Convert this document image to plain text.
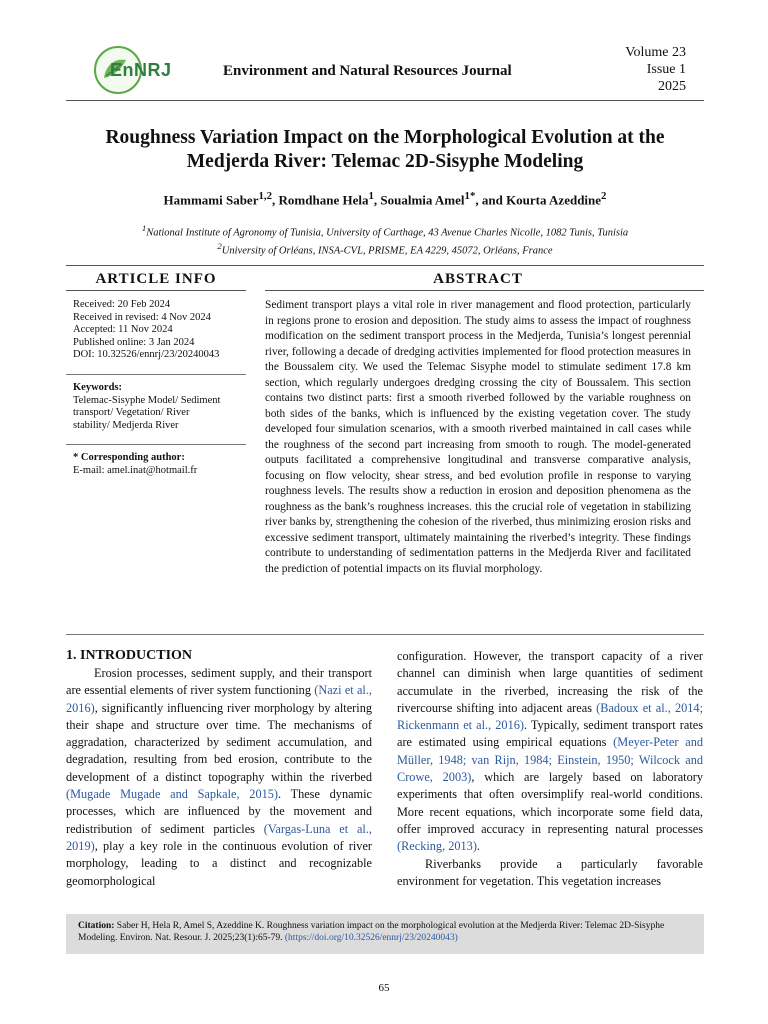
EnNRJ	Environment and Natural Resources Journal
Volume 23
Issue 1
2025
Roughness Variation Impact on the Morphological Evolution at the
Medjerda River: Telemac 2D-Sisyphe Modeling
Hammami Saber$^{1,2}$, Romdhane Hela$^1$, Soualmia Amel$^{1*}$, and Kourta Azeddine$^2$
$^1$National Institute of Agronomy of Tunisia, University of Carthage, 43 Avenue Charles Nicolle, 1082 Tunis, Tunisia
$^2$University of Orléans, INSA-CVL, PRISME, EA 4229, 45072, Orléans, France
ARTICLE INFO	ABSTRACT
Received: 20 Feb 2024
Received in revised: 4 Nov 2024
Accepted: 11 Nov 2024
Published online: 3 Jan 2024
DOI: 10.32526/ennrj/23/20240043
Keywords:
Telemac-Sisyphe Model/ Sediment
transport/ Vegetation/ River
stability/ Medjerda River
* Corresponding author:
E-mail: amel.inat@hotmail.fr
Sediment transport plays a vital role in river management and flood protection, particularly in regions prone to erosion and deposition. The study aims to assess the impact of roughness modification on the sediment transport process in the Medjerda, Tunisia’s longest perennial river, following a decade of dredging activities implemented for flood protection measures in the Boussalem city. We used the Telemac Sisyphe model to stimulate sediment 17.8 km section, which regularly undergoes dredging crossing the city of Boussalem. This section contains two distinct parts: first a smooth riverbed followed by the variable roughness on both sides of the banks, which is influenced by the existing vegetation cover. The study developed four simulation scenarios, with a smooth riverbed maintained in call cases while the roughness of the second part increasing from smooth to rough. The model-generated outputs facilitated a comprehensive longitudinal and transverse comparative analysis, focusing on flow velocity, shear stress, and bed evolution profile in response to varying roughness levels. The results show a reduction in erosion and deposition phenomena as the roughness as the bank’s roughness increases. this the crucial role of vegetation in stabilizing river banks by, strengthening the cohesion of the riverbed, thus minimizing erosion risks and excessive sediment transport, ultimately maintaining the riverbed’s integrity. These findings contribute to understanding of sedimentation patterns in the Medjerda River and facilitated the prediction of potential impacts on its fluvial morphology.
1. INTRODUCTION

Erosion processes, sediment supply, and their transport are essential elements of river system functioning (Nazi et al., 2016), significantly influencing river morphology by altering their shape and structure over time. The mechanisms of aggradation, characterized by sediment accumulation, and degradation, resulting from bed erosion, contribute to the development of a distinct topography within the riverbed (Mugade Mugade and Sapkale, 2015). These dynamic processes, which are influenced by the movement and redistribution of sediment particles (Vargas-Luna et al., 2019), play a key role in the continuous evolution of river morphology, leading to a distinct and recognizable geomorphological

configuration. However, the transport capacity of a river channel can diminish when large quantities of sediment accumulate in the riverbed, increasing the risk of the rivercourse shifting into adjacent areas (Badoux et al., 2014; Rickenmann et al., 2016). Typically, sediment transport rates are estimated using empirical equations (Meyer-Peter and Müller, 1948; van Rijn, 1984; Einstein, 1950; Wilcock and Crowe, 2003), which are largely based on laboratory experiments that often oversimplify real-world conditions. More recent equations, which incorporate some field data, offer improved accuracy in representing natural processes (Recking, 2013).

Riverbanks provide a particularly favorable environment for vegetation. This vegetation increases

Citation: Saber H, Hela R, Amel S, Azeddine K. Roughness variation impact on the morphological evolution at the Medjerda River: Telemac 2D-Sisyphe Modeling. Environ. Nat. Resour. J. 2025;23(1):65-79. (https://doi.org/10.32526/ennrj/23/20240043)
65
